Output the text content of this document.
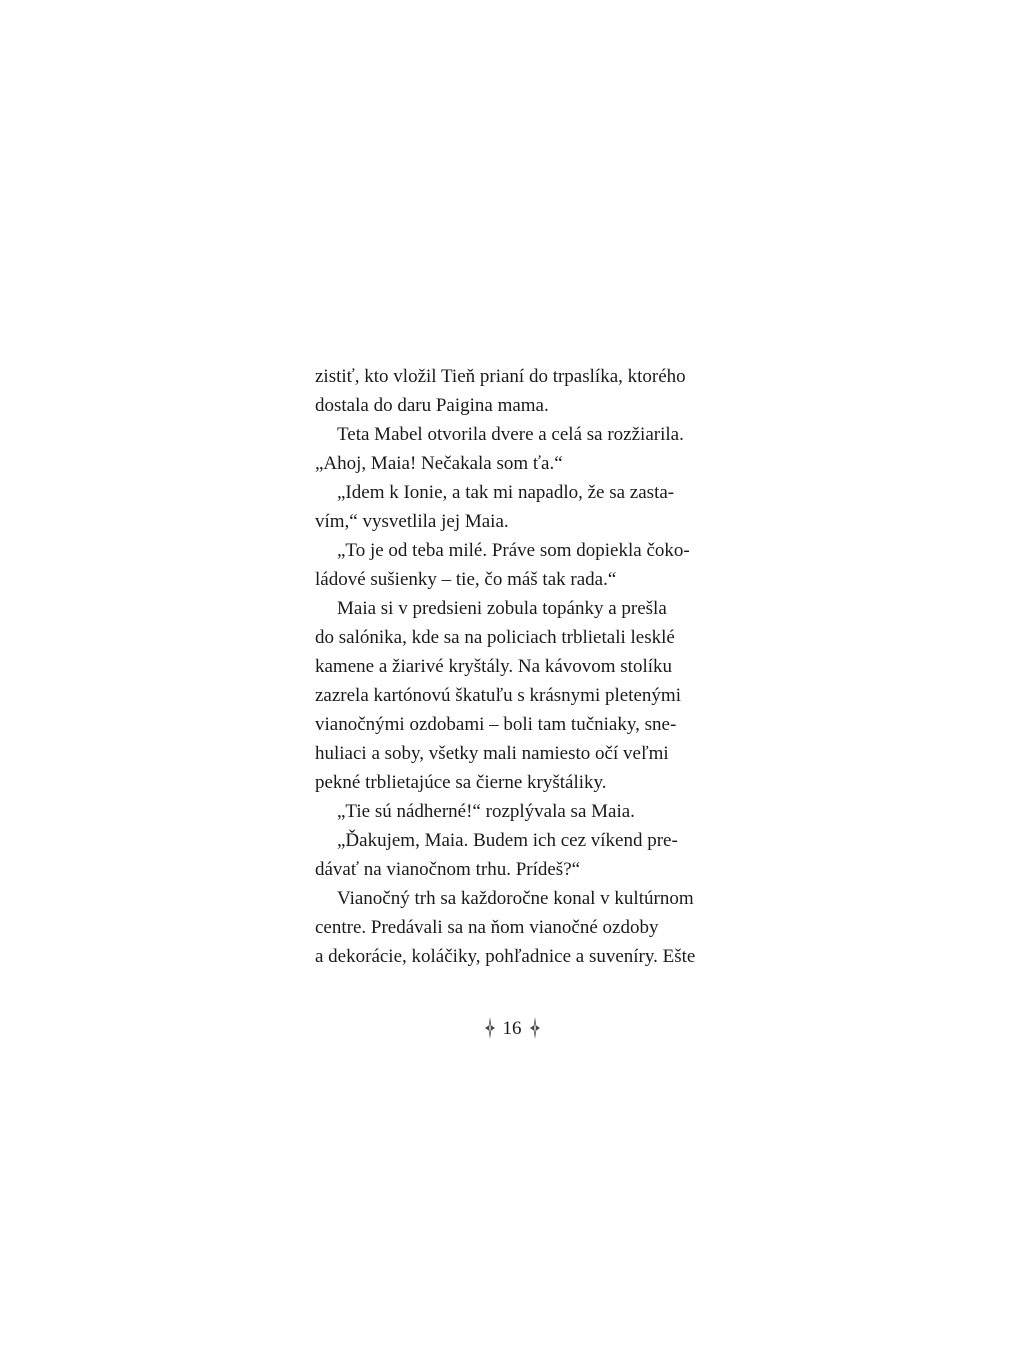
zistiť, kto vložil Tieň prianí do trpaslíka, ktorého
dostala do daru Paigina mama.
Teta Mabel otvorila dvere a celá sa rozžiarila.
„Ahoj, Maia! Nečakala som ťa.“
„Idem k Ionie, a tak mi napadlo, že sa zasta-
vím,“ vysvetlila jej Maia.
„To je od teba milé. Práve som dopiekla čoko-
ládové sušienky – tie, čo máš tak rada.“
Maia si v predsieni zobula topánky a prešla
do salónika, kde sa na policiach trblietali lesklé
kamene a žiarivé kryštály. Na kávovom stolíku
zazrela kartónovú škatuľu s krásnymi pletenými
vianočnými ozdobami – boli tam tučniaky, sne-
huliaci a soby, všetky mali namiesto očí veľmi
pekné trblietajúce sa čierne kryštáliky.
„Tie sú nádherné!“ rozplývala sa Maia.
„Ďakujem, Maia. Budem ich cez víkend pre-
dávať na vianočnom trhu. Prídeš?“
Vianočný trh sa každoročne konal v kultúrnom
centre. Predávali sa na ňom vianočné ozdoby
a dekorácie, koláčiky, pohľadnice a suveníry. Ešte
16
